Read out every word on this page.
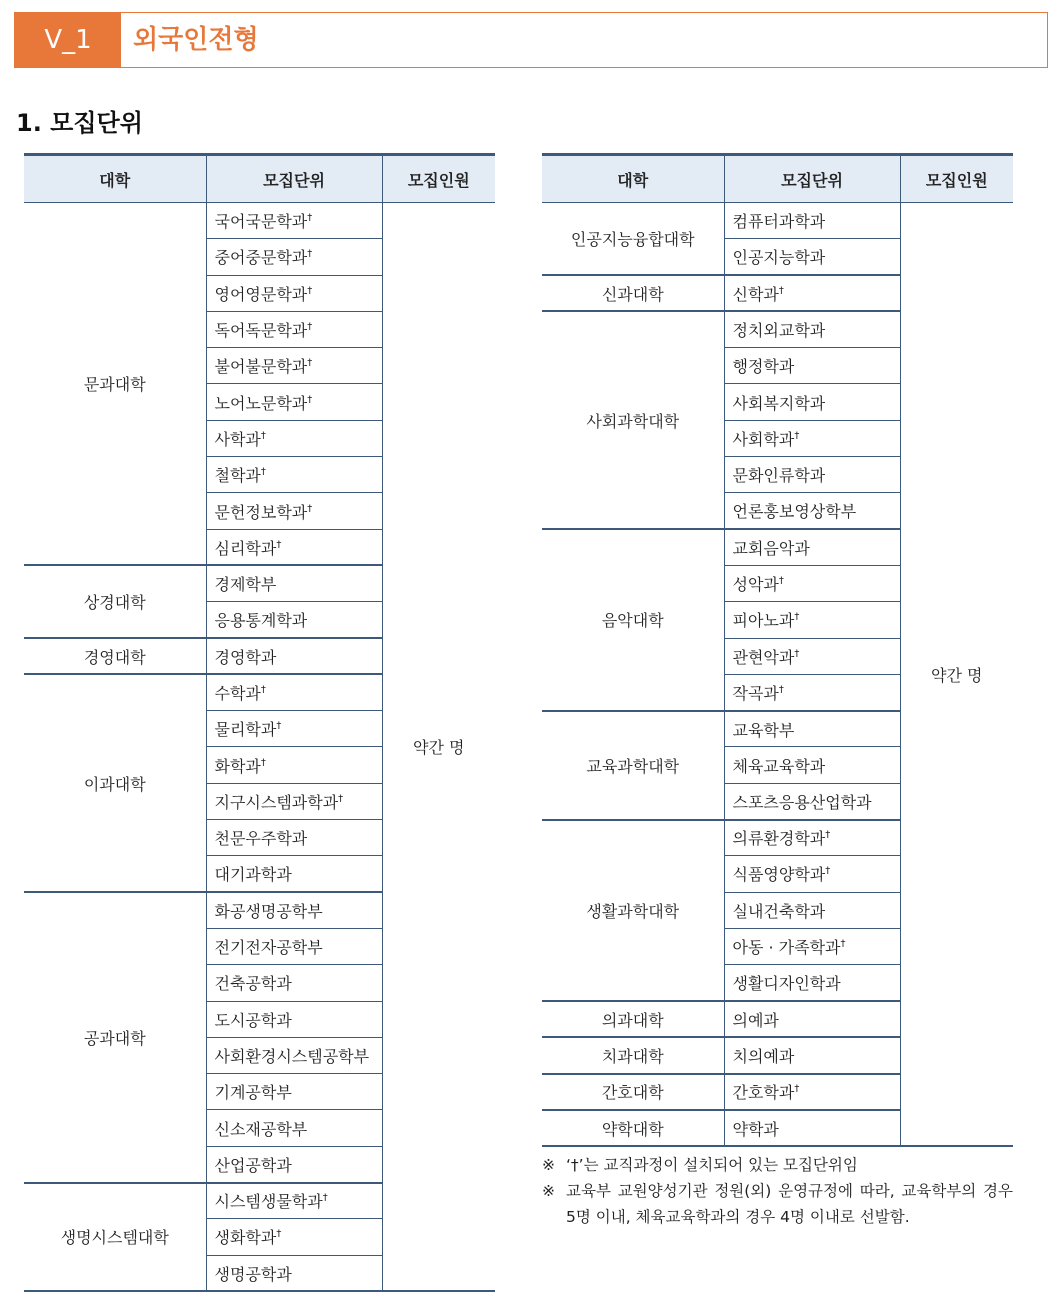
V_1	외국인전형
1. 모집단위
대학	모집단위	모집인원
문과대학	국어국문학과†	약간 명
	중어중문학과†
	영어영문학과†
	독어독문학과†
	불어불문학과†
	노어노문학과†
	사학과†
	철학과†
	문헌정보학과†
	심리학과†
상경대학	경제학부	
	응용통계학과	
경영대학	경영학과	
이과대학	수학과†
	물리학과†
	화학과†
	지구시스템과학과†
	천문우주학과	
	대기과학과	
공과대학	화공생명공학부	
	전기전자공학부	
	건축공학과	
	도시공학과	
	사회환경시스템공학부	
	기계공학부	
	신소재공학부	
	산업공학과	
생명시스템대학	시스템생물학과†
	생화학과†
	생명공학과	
대학	모집단위	모집인원
인공지능융합대학	컴퓨터과학과	약간 명
	인공지능학과	
신과대학	신학과†
사회과학대학	정치외교학과	
	행정학과	
	사회복지학과	
	사회학과†
	문화인류학과	
	언론홍보영상학부	
음악대학	교회음악과	
	성악과†
	피아노과†
	관현악과†
	작곡과†
교육과학대학	교육학부	
	체육교육학과	
	스포츠응용산업학과	
생활과학대학	의류환경학과†
	식품영양학과†
	실내건축학과	
	아동 · 가족학과†
	생활디자인학과	
의과대학	의예과	
치과대학	치의예과	
간호대학	간호학과†
약학대학	약학과	
※ ‘†’는 교직과정이 설치되어 있는 모집단위임
※ 교육부 교원양성기관 정원(외) 운영규정에 따라, 교육학부의 경우 5명 이내, 체육교육학과의 경우 4명 이내로 선발함.
